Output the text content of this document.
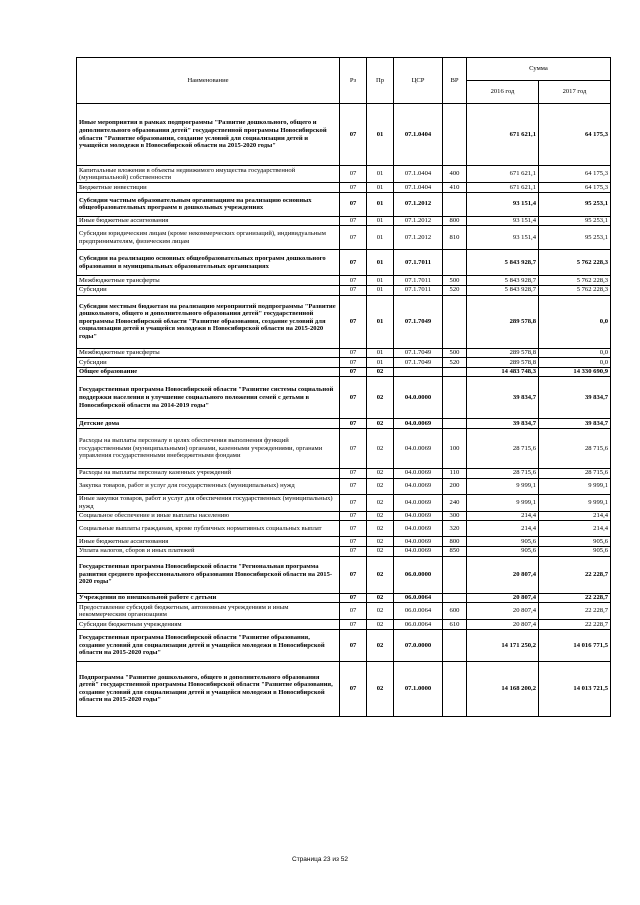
Наименование	Рз	Пр	ЦСР	ВР	Сумма	
					2016 год	2017 год
Иные мероприятия в рамках подпрограммы "Развитие дошкольного, общего и дополнительного образования детей" государственной программы Новосибирской области "Развитие образования, создание условий для социализации детей и учащейся молодежи в Новосибирской области на 2015-2020 годы"	07	01	07.1.0404		671 621,1	64 175,3
Капитальные вложения в объекты недвижимого имущества государственной (муниципальной) собственности	07	01	07.1.0404	400	671 621,1	64 175,3
Бюджетные инвестиции	07	01	07.1.0404	410	671 621,1	64 175,3
Субсидии частным образовательным организациям на реализацию основных общеобразовательных программ в дошкольных учреждениях	07	01	07.1.2012		93 151,4	95 253,1
Иные бюджетные ассигнования	07	01	07.1.2012	800	93 151,4	95 253,1
Субсидии юридическим лицам (кроме некоммерческих организаций), индивидуальным предпринимателям, физическим лицам	07	01	07.1.2012	810	93 151,4	95 253,1
Субсидии на реализацию основных общеобразовательных программ дошкольного образования в муниципальных образовательных организациях	07	01	07.1.7011		5 843 928,7	5 762 228,3
Межбюджетные трансферты	07	01	07.1.7011	500	5 843 928,7	5 762 228,3
Субсидии	07	01	07.1.7011	520	5 843 928,7	5 762 228,3
Субсидии местным бюджетам на реализацию мероприятий подпрограммы "Развитие дошкольного, общего и дополнительного образования детей" государственной программы Новосибирской области "Развитие образования, создание условий для социализации детей и учащейся молодежи в Новосибирской области на 2015-2020 годы"	07	01	07.1.7049		289 578,8	0,0
Межбюджетные трансферты	07	01	07.1.7049	500	289 578,8	0,0
Субсидии	07	01	07.1.7049	520	289 578,8	0,0
Общее образование	07	02			14 483 748,3	14 330 690,9
Государственная программа Новосибирской области "Развитие системы социальной поддержки населения и улучшение социального положения семей с детьми в Новосибирской области на 2014-2019 годы"	07	02	04.0.0000		39 834,7	39 834,7
Детские дома	07	02	04.0.0069		39 834,7	39 834,7
Расходы на выплаты персоналу в целях обеспечения выполнения функций государственными (муниципальными) органами, казенными учреждениями, органами управления государственными внебюджетными фондами	07	02	04.0.0069	100	28 715,6	28 715,6
Расходы на выплаты персоналу казенных учреждений	07	02	04.0.0069	110	28 715,6	28 715,6
Закупка товаров, работ и услуг для государственных (муниципальных) нужд	07	02	04.0.0069	200	9 999,1	9 999,1
Иные закупки товаров, работ и услуг для обеспечения государственных (муниципальных) нужд	07	02	04.0.0069	240	9 999,1	9 999,1
Социальное обеспечение и иные выплаты населению	07	02	04.0.0069	300	214,4	214,4
Социальные выплаты гражданам, кроме публичных нормативных социальных выплат	07	02	04.0.0069	320	214,4	214,4
Иные бюджетные ассигнования	07	02	04.0.0069	800	905,6	905,6
Уплата налогов, сборов и иных платежей	07	02	04.0.0069	850	905,6	905,6
Государственная программа Новосибирской области "Региональная программа развития среднего профессионального образования Новосибирской области на 2015-2020 годы"	07	02	06.0.0000		20 807,4	22 228,7
Учреждения по внешкольной работе с детьми	07	02	06.0.0064		20 807,4	22 228,7
Предоставление субсидий бюджетным, автономным учреждениям и иным некоммерческим организациям	07	02	06.0.0064	600	20 807,4	22 228,7
Субсидии бюджетным учреждениям	07	02	06.0.0064	610	20 807,4	22 228,7
Государственная программа Новосибирской области "Развитие образования, создание условий для социализации детей и учащейся молодежи в Новосибирской области на 2015-2020 годы"	07	02	07.0.0000		14 171 250,2	14 016 771,5
Подпрограмма "Развитие дошкольного, общего и дополнительного образования детей" государственной программы Новосибирской области "Развитие образования, создание условий для социализации детей и учащейся молодежи в Новосибирской области на 2015-2020 годы"	07	02	07.1.0000		14 168 200,2	14 013 721,5
Страница 23 из 52
